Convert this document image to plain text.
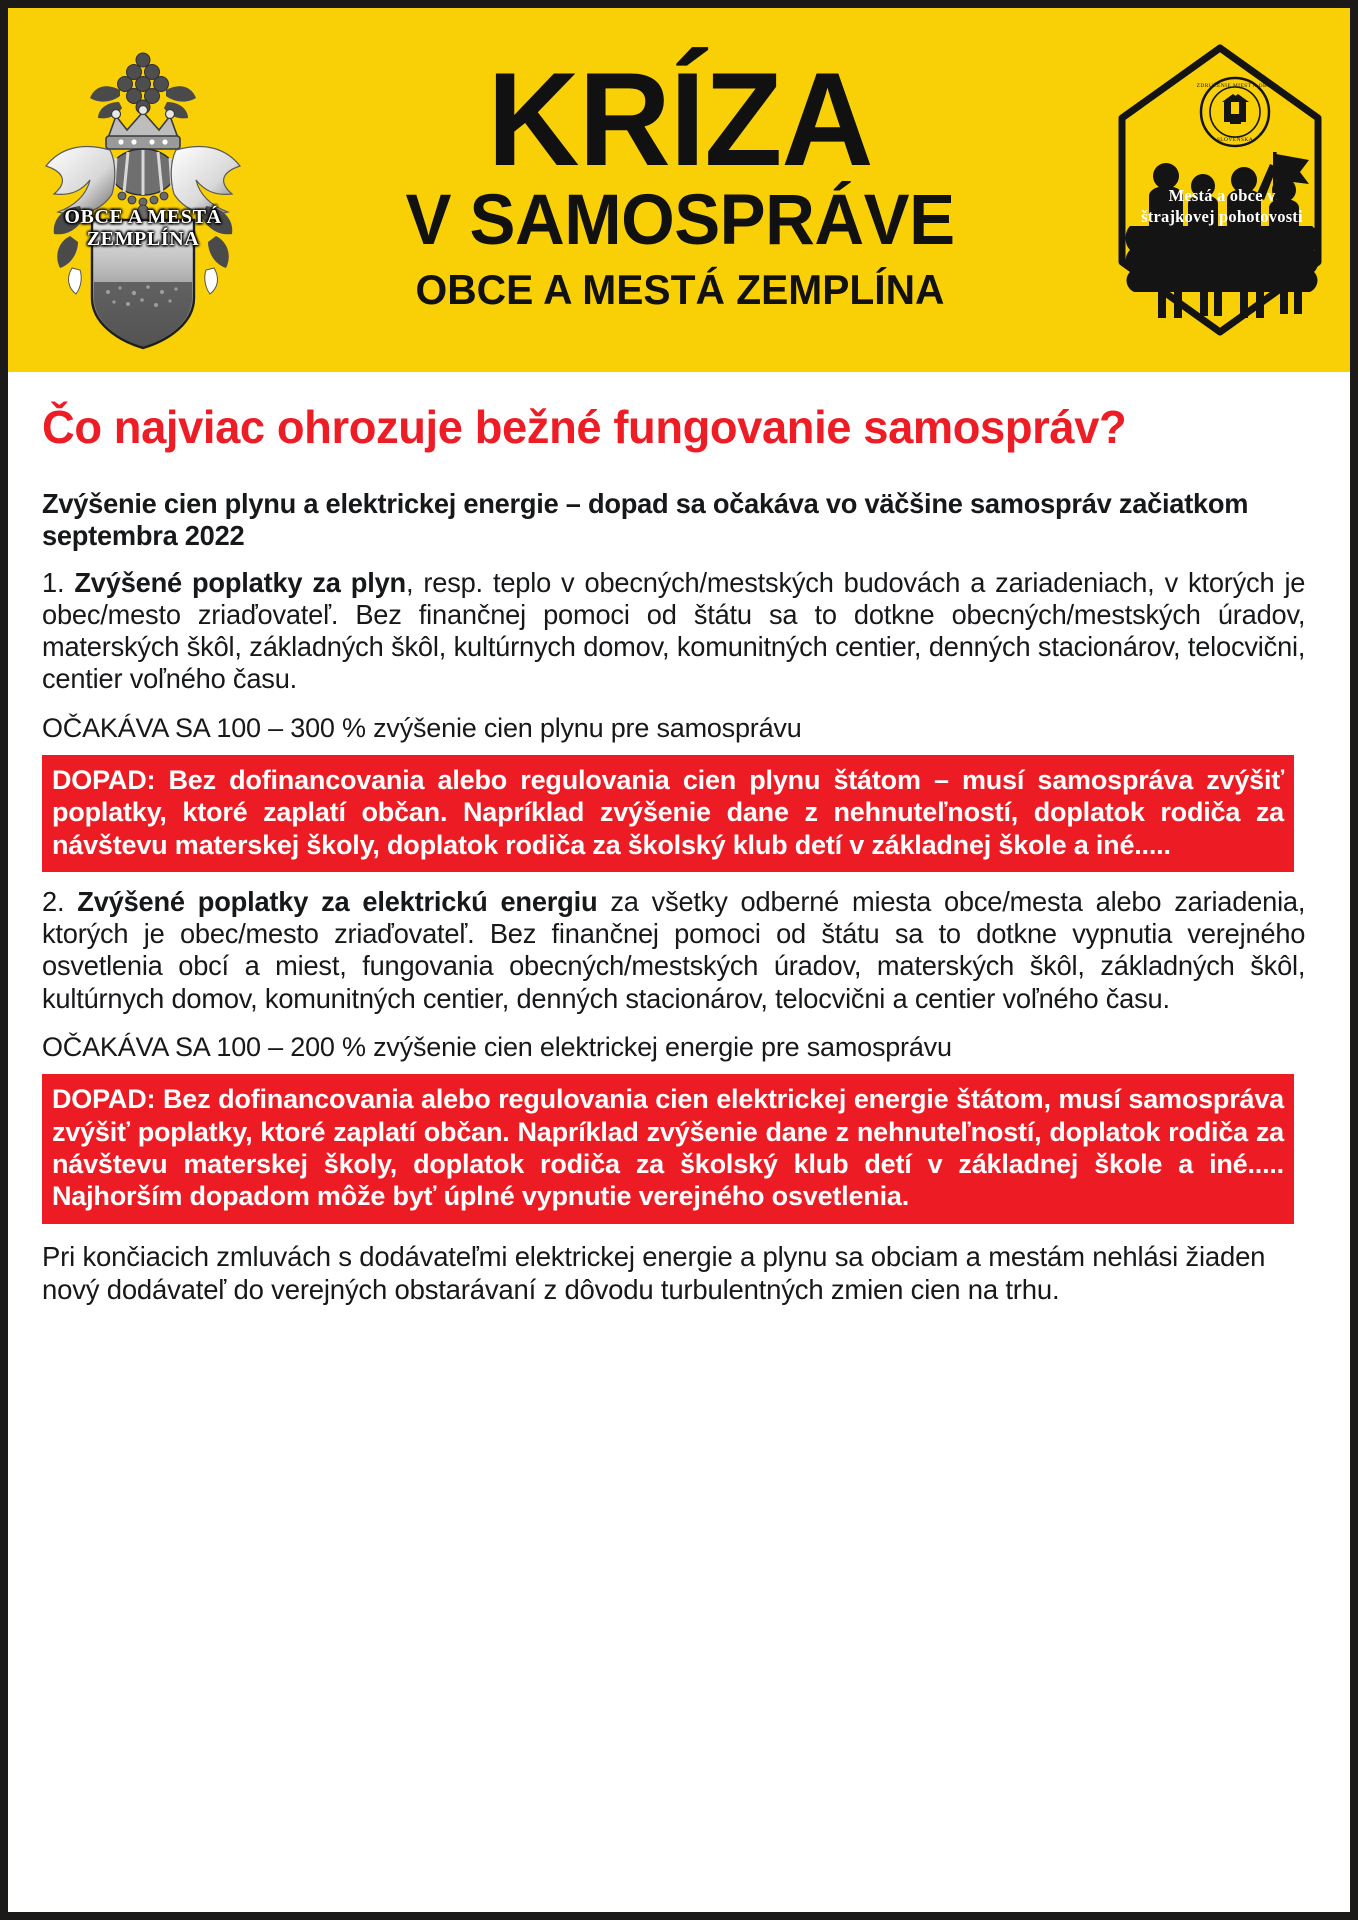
OBCE A MESTÁ
ZEMPLÍNA
KRÍZA
V SAMOSPRÁVE
OBCE A MESTÁ ZEMPLÍNA
ZDRUŽENIE MIEST A OBCÍ
SLOVENSKA
Mestá a obce v
štrajkovej pohotovosti
Čo najviac ohrozuje bežné fungovanie samospráv?
Zvýšenie cien plynu a elektrickej energie – dopad sa očakáva vo väčšine samospráv začiatkom septembra 2022
1. Zvýšené poplatky za plyn, resp. teplo v obecných/mestských budovách a zariadeniach, v ktorých je obec/mesto zriaďovateľ. Bez finančnej pomoci od štátu sa to dotkne obecných/mestských úradov, materských škôl, základných škôl, kultúrnych domov, komunitných centier, denných stacionárov, telocvični, centier voľného času.
OČAKÁVA SA 100 – 300 % zvýšenie cien plynu pre samosprávu
DOPAD: Bez dofinancovania alebo regulovania cien plynu štátom – musí samospráva zvýšiť poplatky, ktoré zaplatí občan. Napríklad zvýšenie dane z nehnuteľností, doplatok rodiča za návštevu materskej školy, doplatok rodiča za školský klub detí v základnej škole a iné.....
2. Zvýšené poplatky za elektrickú energiu za všetky odberné miesta obce/mesta alebo zariadenia, ktorých je obec/mesto zriaďovateľ. Bez finančnej pomoci od štátu sa to dotkne vypnutia verejného osvetlenia obcí a miest, fungovania obecných/mestských úradov, materských škôl, základných škôl, kultúrnych domov, komunitných centier, denných stacionárov, telocvični a centier voľného času.
OČAKÁVA SA 100 – 200 % zvýšenie cien elektrickej energie pre samosprávu
DOPAD: Bez dofinancovania alebo regulovania cien elektrickej energie štátom, musí samospráva zvýšiť poplatky, ktoré zaplatí občan. Napríklad zvýšenie dane z nehnuteľností, doplatok rodiča za návštevu materskej školy, doplatok rodiča za školský klub detí v základnej škole a iné..... Najhorším dopadom môže byť úplné vypnutie verejného osvetlenia.
Pri končiacich zmluvách s dodávateľmi elektrickej energie a plynu sa obciam a mestám nehlási žiaden nový dodávateľ do verejných obstarávaní z dôvodu turbulentných zmien cien na trhu.
